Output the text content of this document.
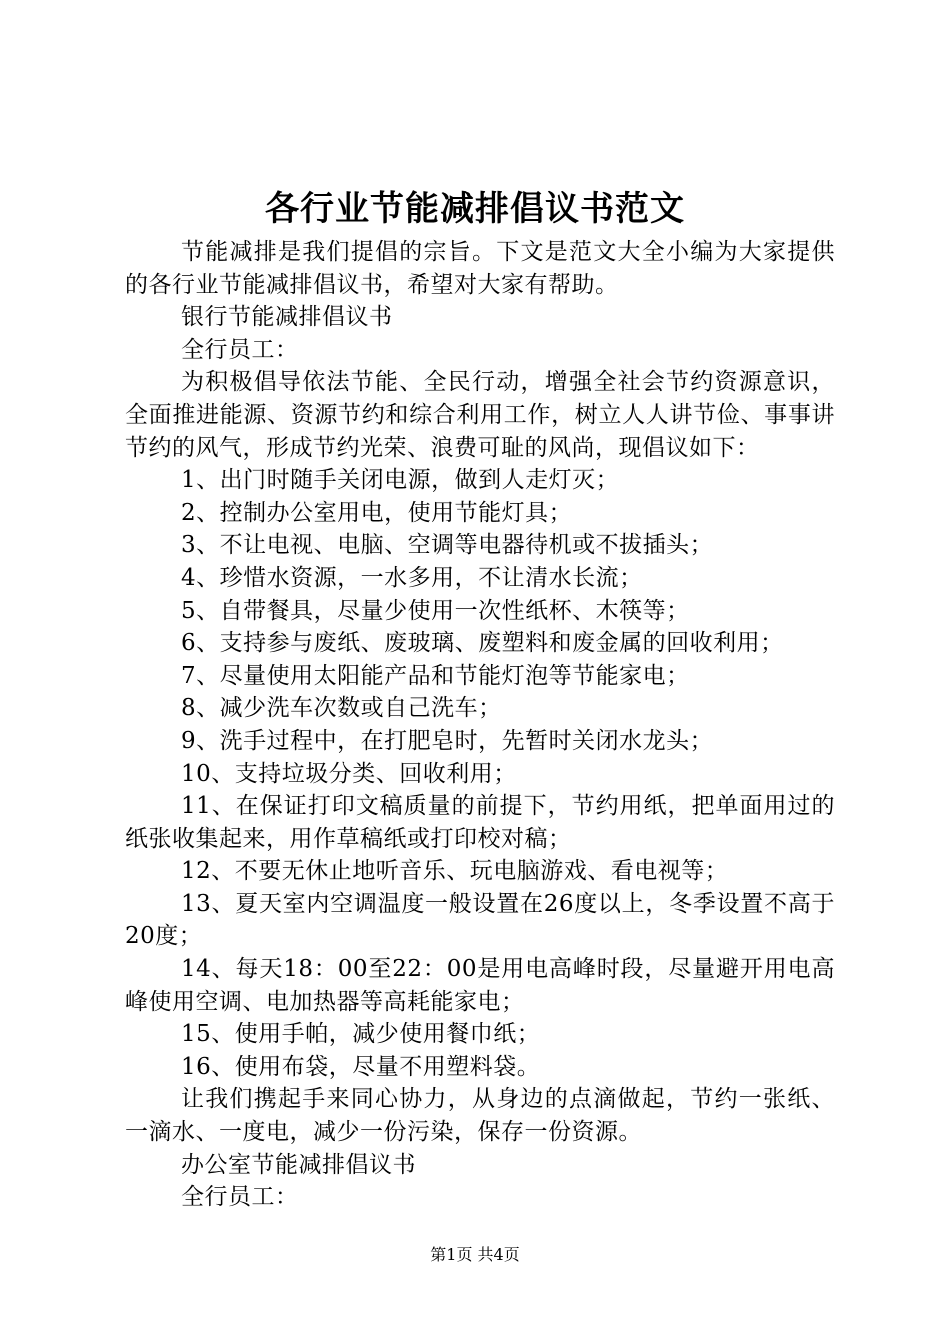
各行业节能减排倡议书范文

节能减排是我们提倡的宗旨。下文是范文大全小编为大家提供的各行业节能减排倡议书，希望对大家有帮助。

银行节能减排倡议书

全行员工：

为积极倡导依法节能、全民行动，增强全社会节约资源意识，全面推进能源、资源节约和综合利用工作，树立人人讲节俭、事事讲节约的风气，形成节约光荣、浪费可耻的风尚，现倡议如下：

1、出门时随手关闭电源，做到人走灯灭；

2、控制办公室用电，使用节能灯具；

3、不让电视、电脑、空调等电器待机或不拔插头；

4、珍惜水资源，一水多用，不让清水长流；

5、自带餐具，尽量少使用一次性纸杯、木筷等；

6、支持参与废纸、废玻璃、废塑料和废金属的回收利用；

7、尽量使用太阳能产品和节能灯泡等节能家电；

8、减少洗车次数或自己洗车；

9、洗手过程中，在打肥皂时，先暂时关闭水龙头；

10、支持垃圾分类、回收利用；

11、在保证打印文稿质量的前提下，节约用纸，把单面用过的纸张收集起来，用作草稿纸或打印校对稿；

12、不要无休止地听音乐、玩电脑游戏、看电视等；

13、夏天室内空调温度一般设置在26度以上，冬季设置不高于20度；

14、每天18：00至22：00是用电高峰时段，尽量避开用电高峰使用空调、电加热器等高耗能家电；

15、使用手帕，减少使用餐巾纸；

16、使用布袋，尽量不用塑料袋。

让我们携起手来同心协力，从身边的点滴做起，节约一张纸、一滴水、一度电，减少一份污染，保存一份资源。

办公室节能减排倡议书

全行员工：

第1页 共4页
